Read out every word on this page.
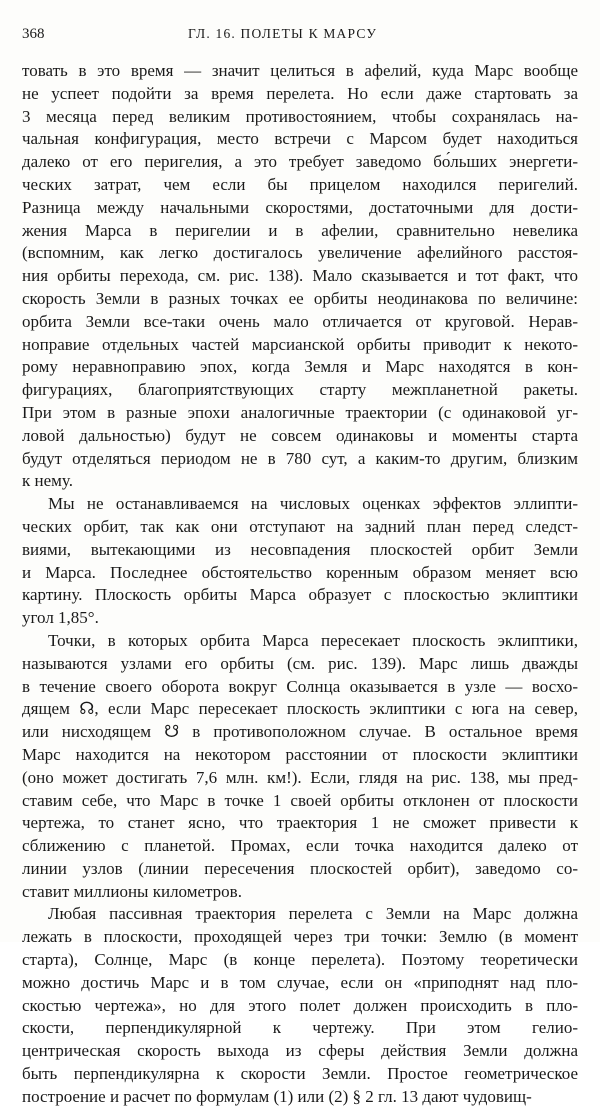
368	ГЛ. 16. ПОЛЕТЫ К МАРСУ
товать в это время — значит целиться в афелий, куда Марс вообще
не успеет подойти за время перелета. Но если даже стартовать за
3 месяца перед великим противостоянием, чтобы сохранялась на-
чальная конфигурация, место встречи с Марсом будет находиться
далеко от его перигелия, а это требует заведомо бо́льших энергети-
ческих затрат, чем если бы прицелом находился перигелий.
Разница между начальными скоростями, достаточными для дости-
жения Марса в перигелии и в афелии, сравнительно невелика
(вспомним, как легко достигалось увеличение афелийного расстоя-
ния орбиты перехода, см. рис. 138). Мало сказывается и тот факт, что
скорость Земли в разных точках ее орбиты неодинакова по величине:
орбита Земли все-таки очень мало отличается от круговой. Нерав-
ноправие отдельных частей марсианской орбиты приводит к некото-
рому неравноправию эпох, когда Земля и Марс находятся в кон-
фигурациях, благоприятствующих старту межпланетной ракеты.
При этом в разные эпохи аналогичные траектории (с одинаковой уг-
ловой дальностью) будут не совсем одинаковы и моменты старта
будут отделяться периодом не в 780 сут, а каким-то другим, близким
к нему.
Мы не останавливаемся на числовых оценках эффектов эллипти-
ческих орбит, так как они отступают на задний план перед следст-
виями, вытекающими из несовпадения плоскостей орбит Земли
и Марса. Последнее обстоятельство коренным образом меняет всю
картину. Плоскость орбиты Марса образует с плоскостью эклиптики
угол 1,85°.
Точки, в которых орбита Марса пересекает плоскость эклиптики,
называются узлами его орбиты (см. рис. 139). Марс лишь дважды
в течение своего оборота вокруг Солнца оказывается в узле — восхо-
дящем ☊, если Марс пересекает плоскость эклиптики с юга на север,
или нисходящем ☋ в противоположном случае. В остальное время
Марс находится на некотором расстоянии от плоскости эклиптики
(оно может достигать 7,6 млн. км!). Если, глядя на рис. 138, мы пред-
ставим себе, что Марс в точке 1 своей орбиты отклонен от плоскости
чертежа, то станет ясно, что траектория 1 не сможет привести к
сближению с планетой. Промах, если точка находится далеко от
линии узлов (линии пересечения плоскостей орбит), заведомо со-
ставит миллионы километров.
Любая пассивная траектория перелета с Земли на Марс должна
лежать в плоскости, проходящей через три точки: Землю (в момент
старта), Солнце, Марс (в конце перелета). Поэтому теоретически
можно достичь Марс и в том случае, если он «приподнят над пло-
скостью чертежа», но для этого полет должен происходить в пло-
скости, перпендикулярной к чертежу. При этом гелио-
центрическая скорость выхода из сферы действия Земли должна
быть перпендикулярна к скорости Земли. Простое геометрическое
построение и расчет по формулам (1) или (2) § 2 гл. 13 дают чудовищ-
